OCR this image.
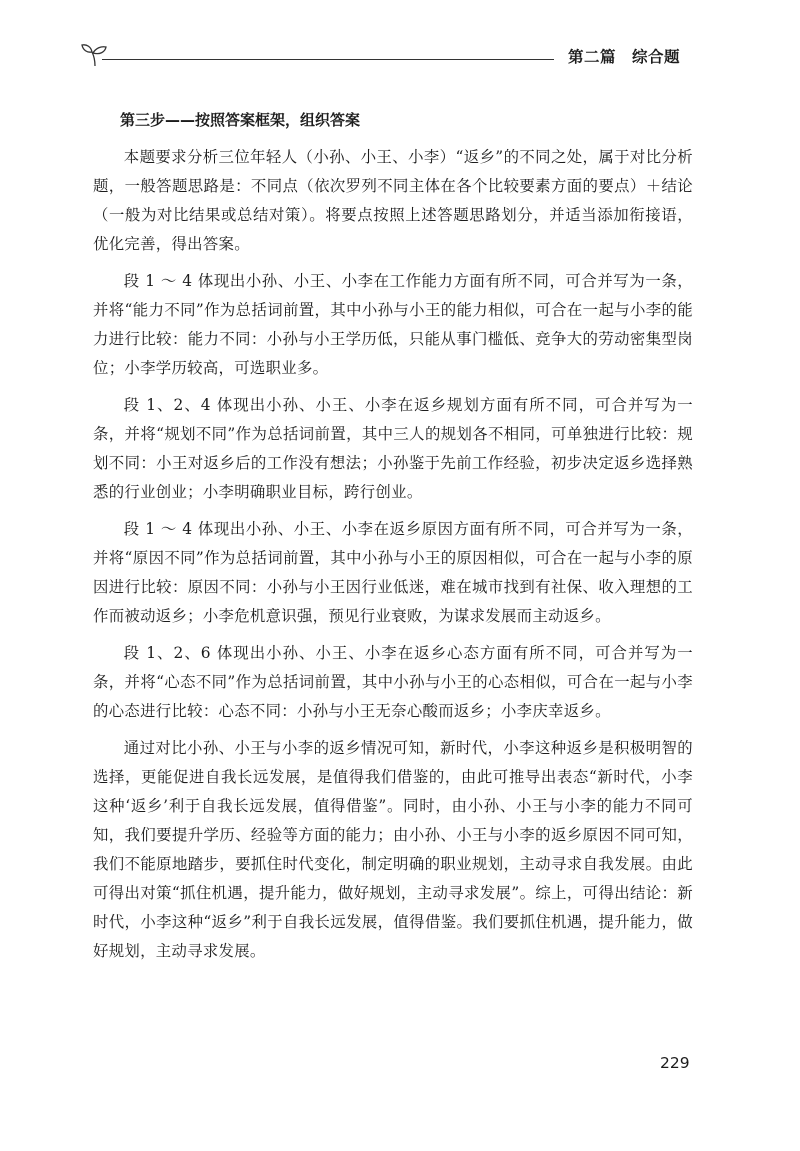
第二篇　综合题
第三步——按照答案框架，组织答案

本题要求分析三位年轻人（小孙、小王、小李）“返乡”的不同之处，属于对比分析题，一般答题思路是：不同点（依次罗列不同主体在各个比较要素方面的要点）＋结论（一般为对比结果或总结对策）。将要点按照上述答题思路划分，并适当添加衔接语，优化完善，得出答案。

段 1 ～ 4 体现出小孙、小王、小李在工作能力方面有所不同，可合并写为一条，并将“能力不同”作为总括词前置，其中小孙与小王的能力相似，可合在一起与小李的能力进行比较：能力不同：小孙与小王学历低，只能从事门槛低、竞争大的劳动密集型岗位；小李学历较高，可选职业多。

段 1、2、4 体现出小孙、小王、小李在返乡规划方面有所不同，可合并写为一条，并将“规划不同”作为总括词前置，其中三人的规划各不相同，可单独进行比较：规划不同：小王对返乡后的工作没有想法；小孙鉴于先前工作经验，初步决定返乡选择熟悉的行业创业；小李明确职业目标，跨行创业。

段 1 ～ 4 体现出小孙、小王、小李在返乡原因方面有所不同，可合并写为一条，并将“原因不同”作为总括词前置，其中小孙与小王的原因相似，可合在一起与小李的原因进行比较：原因不同：小孙与小王因行业低迷，难在城市找到有社保、收入理想的工作而被动返乡；小李危机意识强，预见行业衰败，为谋求发展而主动返乡。

段 1、2、6 体现出小孙、小王、小李在返乡心态方面有所不同，可合并写为一条，并将“心态不同”作为总括词前置，其中小孙与小王的心态相似，可合在一起与小李的心态进行比较：心态不同：小孙与小王无奈心酸而返乡；小李庆幸返乡。

通过对比小孙、小王与小李的返乡情况可知，新时代，小李这种返乡是积极明智的选择，更能促进自我长远发展，是值得我们借鉴的，由此可推导出表态“新时代，小李这种‘返乡’利于自我长远发展，值得借鉴”。同时，由小孙、小王与小李的能力不同可知，我们要提升学历、经验等方面的能力；由小孙、小王与小李的返乡原因不同可知，我们不能原地踏步，要抓住时代变化，制定明确的职业规划，主动寻求自我发展。由此可得出对策“抓住机遇，提升能力，做好规划，主动寻求发展”。综上，可得出结论：新时代，小李这种“返乡”利于自我长远发展，值得借鉴。我们要抓住机遇，提升能力，做好规划，主动寻求发展。

229
